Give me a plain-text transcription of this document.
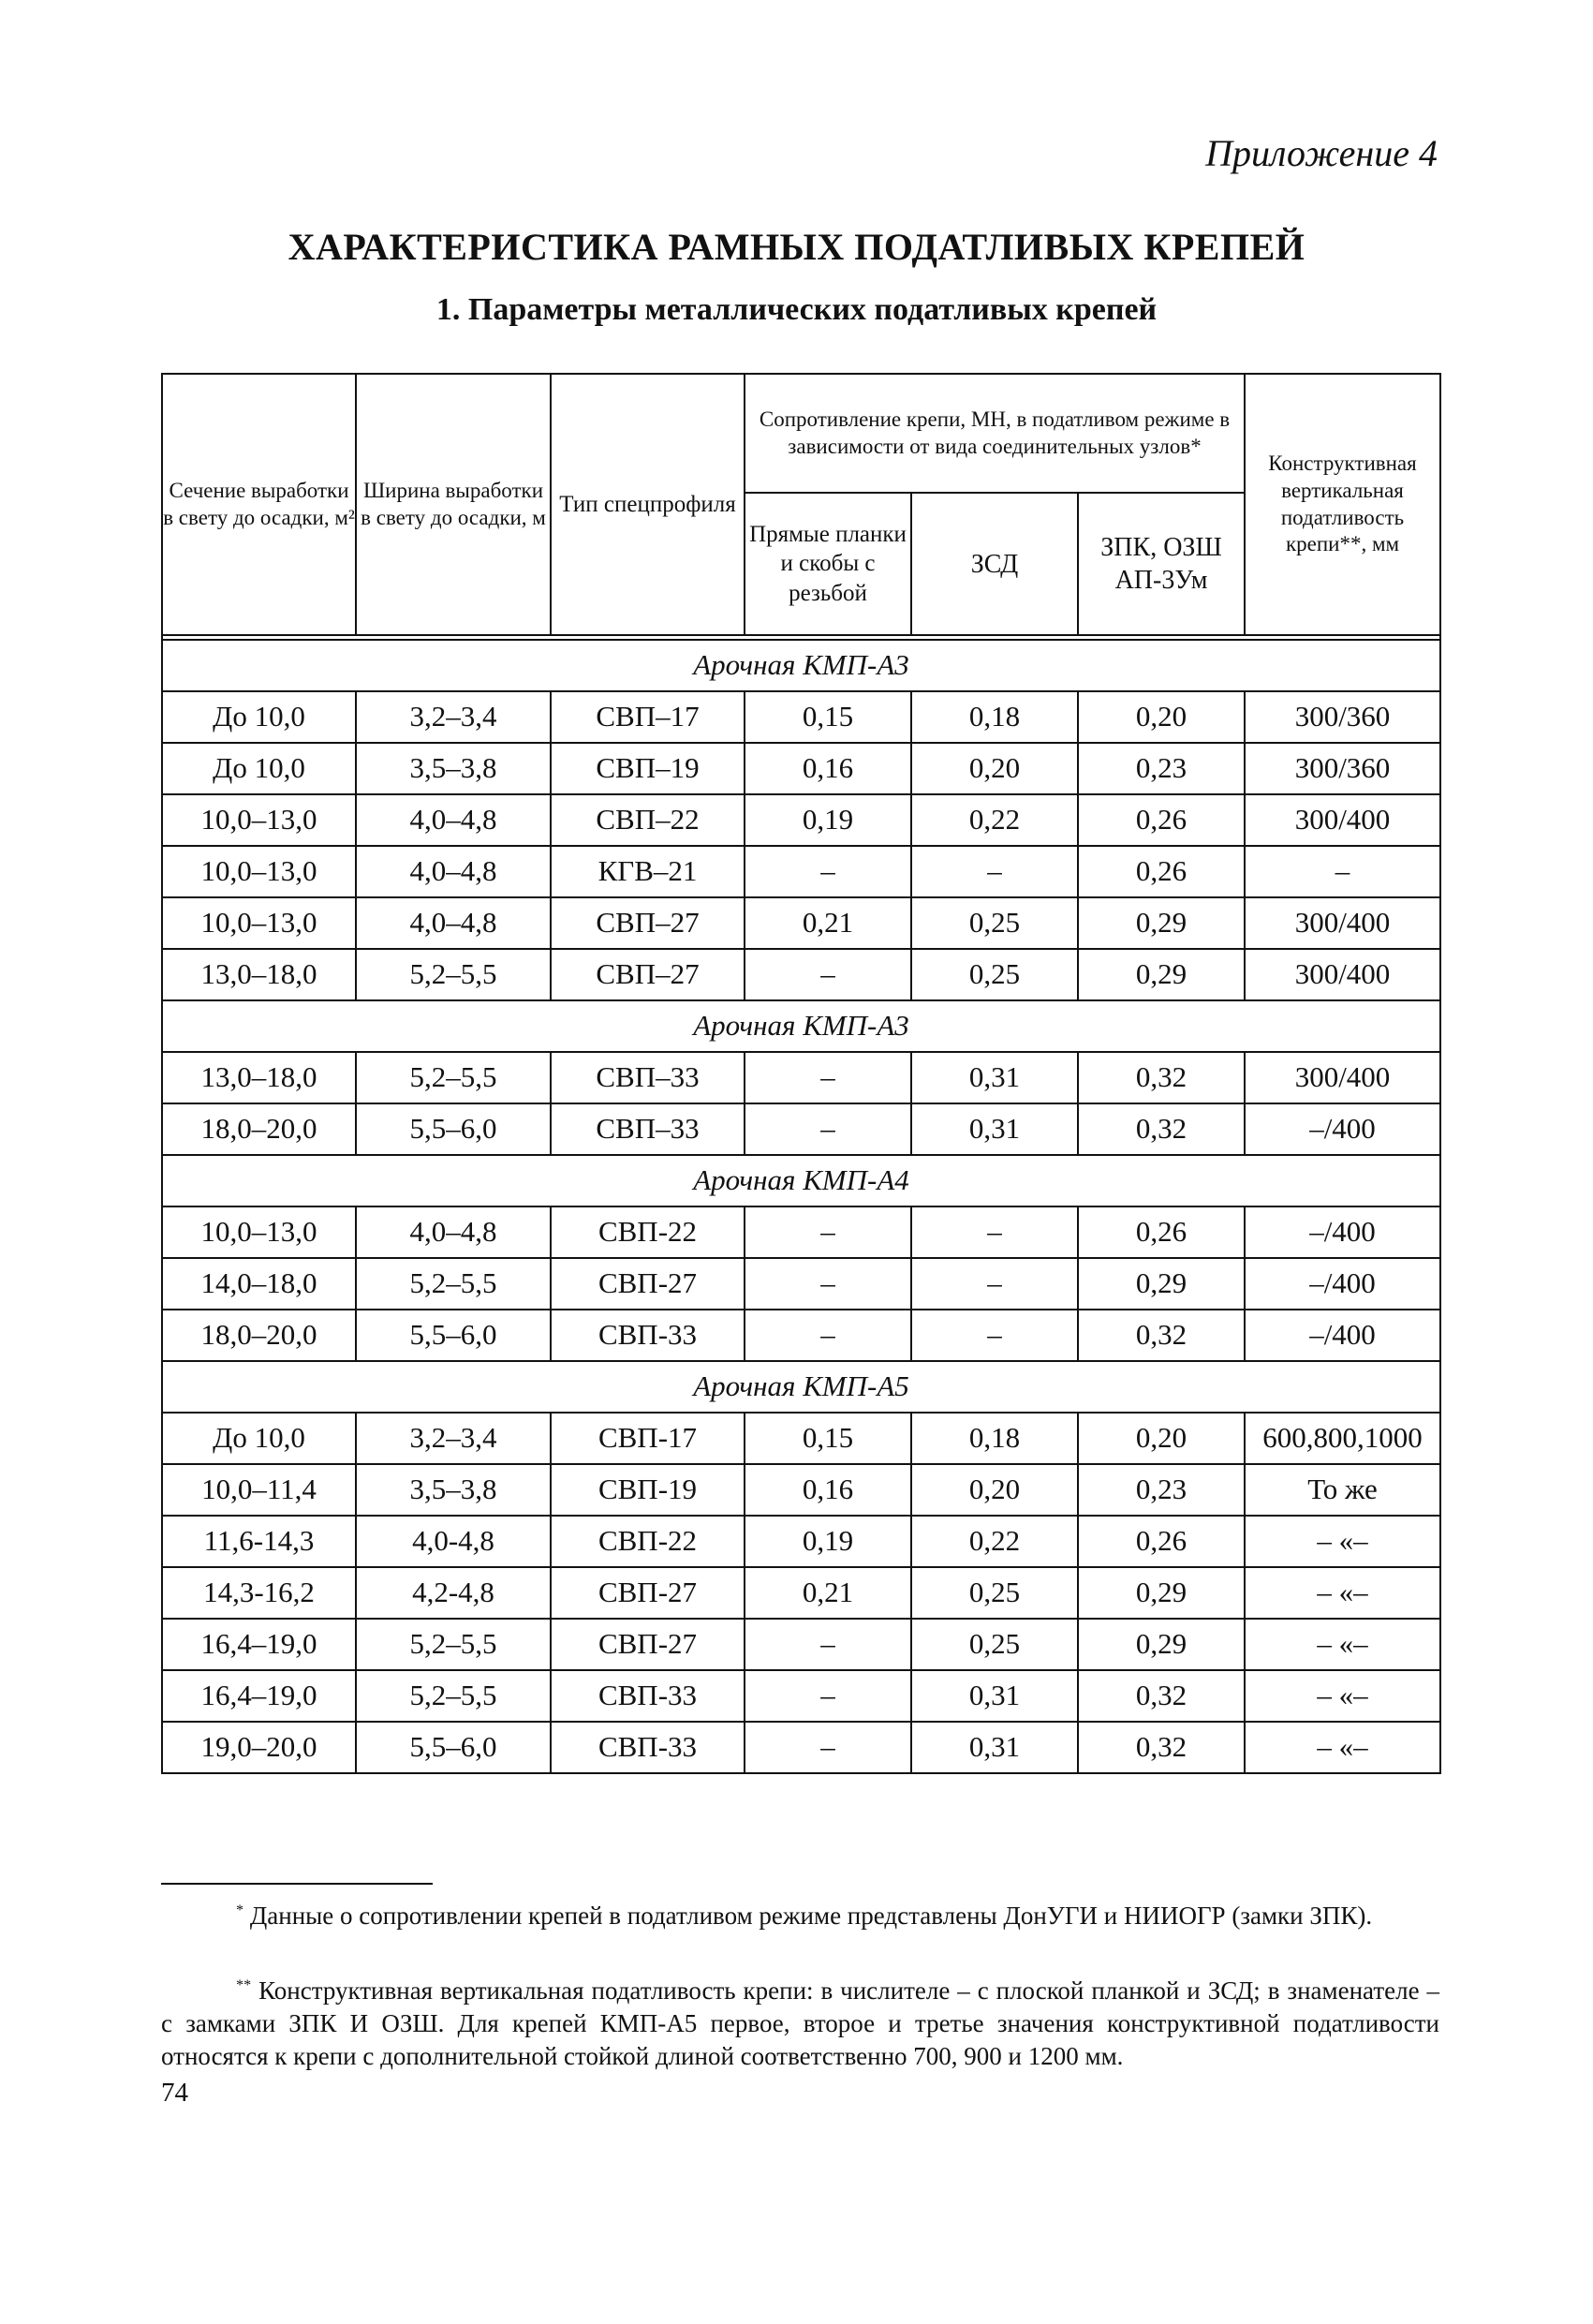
Приложение 4
ХАРАКТЕРИСТИКА РАМНЫХ ПОДАТЛИВЫХ КРЕПЕЙ
1. Параметры металлических податливых крепей
Сечение выработки в свету до осадки, м²	Ширина выработки в свету до осадки, м	Тип спецпрофиля	Сопротивление крепи, МН, в податливом режиме в зависимости от вида соединительных узлов*			Конструктивная вертикальная податливость крепи**, мм
			Прямые планки и скобы с резьбой	ЗСД	ЗПК, ОЗШ АП-3Ум	

Арочная КМП-А3						
До 10,0	3,2–3,4	СВП–17	0,15	0,18	0,20	300/360
До 10,0	3,5–3,8	СВП–19	0,16	0,20	0,23	300/360
10,0–13,0	4,0–4,8	СВП–22	0,19	0,22	0,26	300/400
10,0–13,0	4,0–4,8	КГВ–21	–	–	0,26	–
10,0–13,0	4,0–4,8	СВП–27	0,21	0,25	0,29	300/400
13,0–18,0	5,2–5,5	СВП–27	–	0,25	0,29	300/400
Арочная КМП-А3						
13,0–18,0	5,2–5,5	СВП–33	–	0,31	0,32	300/400
18,0–20,0	5,5–6,0	СВП–33	–	0,31	0,32	–/400
Арочная КМП-А4						
10,0–13,0	4,0–4,8	СВП-22	–	–	0,26	–/400
14,0–18,0	5,2–5,5	СВП-27	–	–	0,29	–/400
18,0–20,0	5,5–6,0	СВП-33	–	–	0,32	–/400
Арочная КМП-А5						
До 10,0	3,2–3,4	СВП-17	0,15	0,18	0,20	600,800,1000
10,0–11,4	3,5–3,8	СВП-19	0,16	0,20	0,23	То же
11,6-14,3	4,0-4,8	СВП-22	0,19	0,22	0,26	– «–
14,3-16,2	4,2-4,8	СВП-27	0,21	0,25	0,29	– «–
16,4–19,0	5,2–5,5	СВП-27	–	0,25	0,29	– «–
16,4–19,0	5,2–5,5	СВП-33	–	0,31	0,32	– «–
19,0–20,0	5,5–6,0	СВП-33	–	0,31	0,32	– «–
* Данные о сопротивлении крепей в податливом режиме представлены ДонУГИ и НИИОГР (замки ЗПК).
** Конструктивная вертикальная податливость крепи: в числителе – с плоской планкой и ЗСД; в знаменателе – с замками ЗПК И ОЗШ. Для крепей КМП-А5 первое, второе и третье значения конструктивной податливости относятся к крепи с дополнительной стойкой длиной соответственно 700, 900 и 1200 мм.
74
